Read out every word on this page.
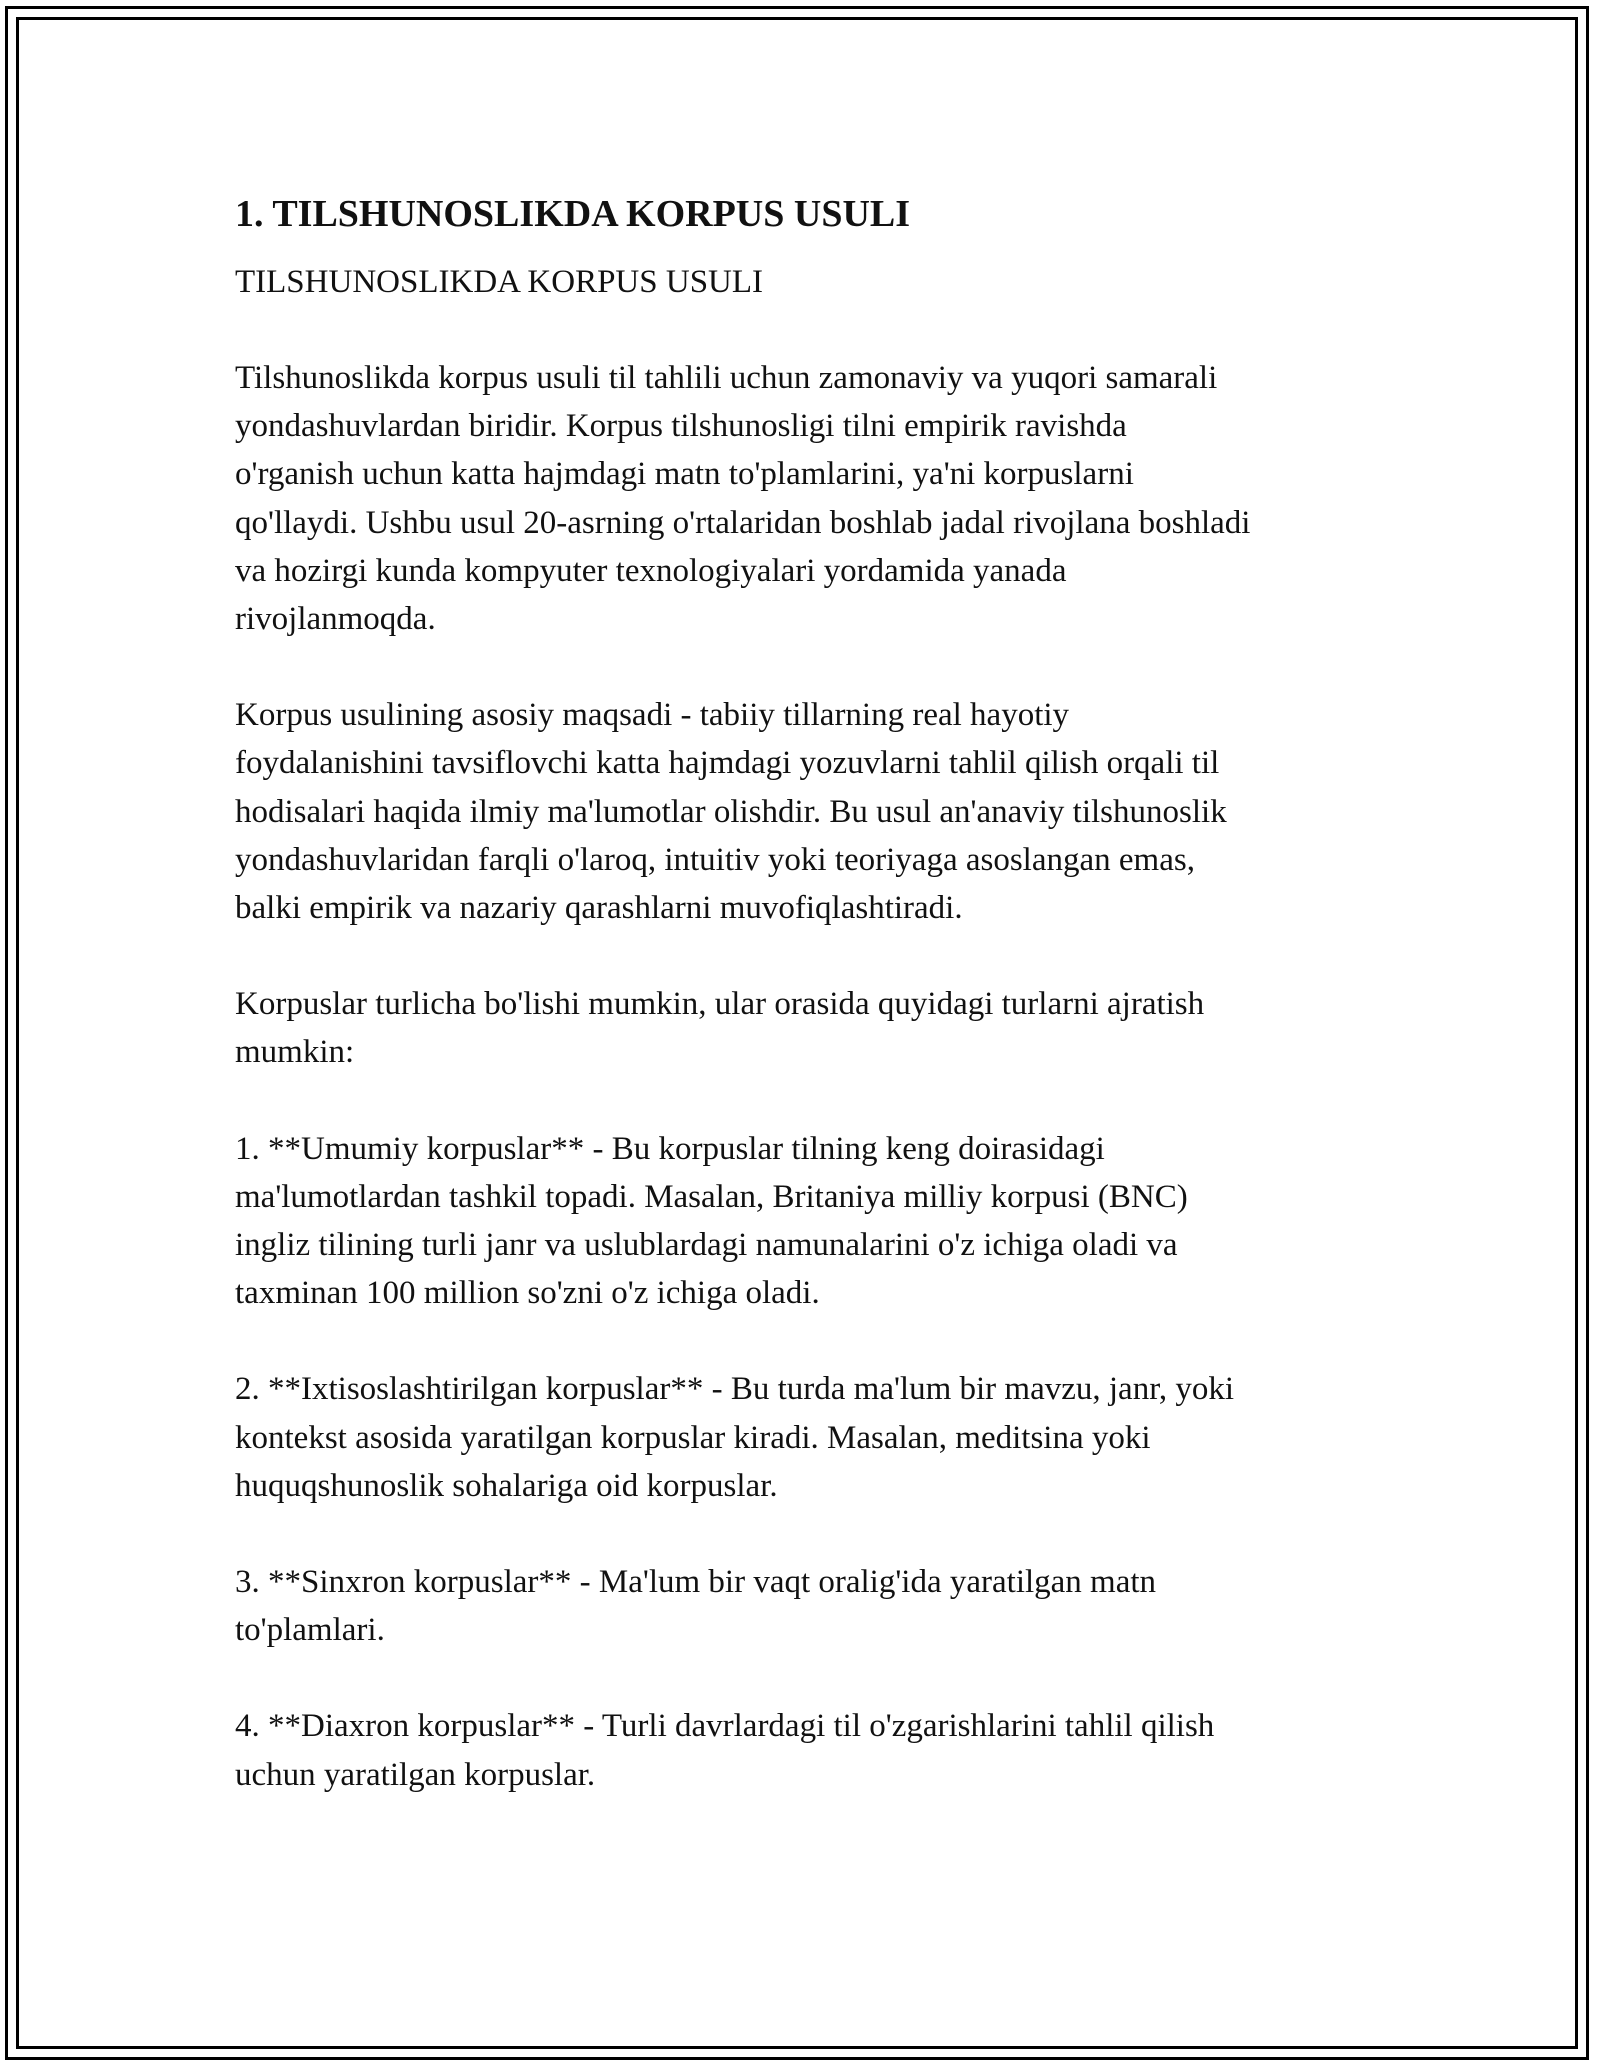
1. TILSHUNOSLIKDA KORPUS USULI
TILSHUNOSLIKDA KORPUS USULI

Tilshunoslikda korpus usuli til tahlili uchun zamonaviy va yuqori samarali
yondashuvlardan biridir. Korpus tilshunosligi tilni empirik ravishda
o'rganish uchun katta hajmdagi matn to'plamlarini, ya'ni korpuslarni
qo'llaydi. Ushbu usul 20-asrning o'rtalaridan boshlab jadal rivojlana boshladi
va hozirgi kunda kompyuter texnologiyalari yordamida yanada
rivojlanmoqda.

Korpus usulining asosiy maqsadi - tabiiy tillarning real hayotiy
foydalanishini tavsiflovchi katta hajmdagi yozuvlarni tahlil qilish orqali til
hodisalari haqida ilmiy ma'lumotlar olishdir. Bu usul an'anaviy tilshunoslik
yondashuvlaridan farqli o'laroq, intuitiv yoki teoriyaga asoslangan emas,
balki empirik va nazariy qarashlarni muvofiqlashtiradi.

Korpuslar turlicha bo'lishi mumkin, ular orasida quyidagi turlarni ajratish
mumkin:

1. **Umumiy korpuslar** - Bu korpuslar tilning keng doirasidagi
ma'lumotlardan tashkil topadi. Masalan, Britaniya milliy korpusi (BNC)
ingliz tilining turli janr va uslublardagi namunalarini o'z ichiga oladi va
taxminan 100 million so'zni o'z ichiga oladi.

2. **Ixtisoslashtirilgan korpuslar** - Bu turda ma'lum bir mavzu, janr, yoki
kontekst asosida yaratilgan korpuslar kiradi. Masalan, meditsina yoki
huquqshunoslik sohalariga oid korpuslar.

3. **Sinxron korpuslar** - Ma'lum bir vaqt oralig'ida yaratilgan matn
to'plamlari.

4. **Diaxron korpuslar** - Turli davrlardagi til o'zgarishlarini tahlil qilish
uchun yaratilgan korpuslar.
